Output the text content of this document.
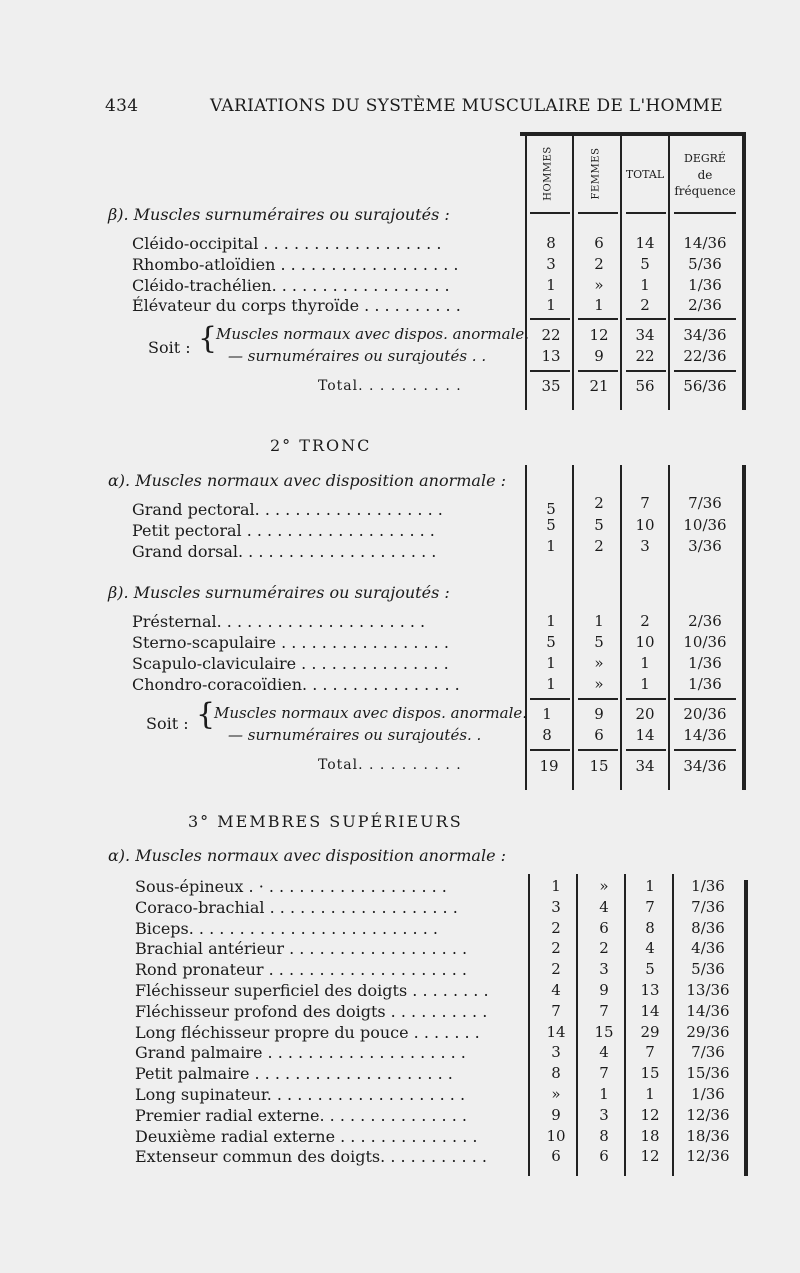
434	VARIATIONS DU SYSTÈME MUSCULAIRE DE L'HOMME
HOMMES	FEMMES	TOTAL
DEGRÉ
de
fréquence
β). Muscles surnuméraires ou surajoutés :
Cléido-occipital . . . . . . . . . . . . . . . . . .	8	6	14	14/36
Rhombo-atloïdien . . . . . . . . . . . . . . . . . .	3	2	5	5/36
Cléido-trachélien. . . . . . . . . . . . . . . . . .	1	»	1	1/36
Élévateur du corps thyroïde . . . . . . . . . .	1	1	2	2/36
Soit : {
Muscles normaux avec dispos. anormale. 22	12	34	34/36
— surnuméraires ou surajoutés . .	13	9	22	22/36
Total. . . . . . . . . .	35	21	56	56/36
2° TRONC
α). Muscles normaux avec disposition anormale :
Grand pectoral. . . . . . . . . . . . . . . . . . .	5	2	7	7/36
Petit pectoral . . . . . . . . . . . . . . . . . . .	5	5	10	10/36
Grand dorsal. . . . . . . . . . . . . . . . . . . .	1	2	3	3/36
β). Muscles surnuméraires ou surajoutés :
Présternal. . . . . . . . . . . . . . . . . . . . .	1	1	2	2/36
Sterno-scapulaire . . . . . . . . . . . . . . . . .	5	5	10	10/36
Scapulo-claviculaire . . . . . . . . . . . . . . .	1	»	1	1/36
Chondro-coracoïdien. . . . . . . . . . . . . . . .	1	»	1	1/36
Soit : {
Muscles normaux avec dispos. anormale.	1	9	20	20/36
— surnuméraires ou surajoutés. .	8	6	14	14/36
Total. . . . . . . . . .	19	15	34	34/36
3° MEMBRES SUPÉRIEURS
α). Muscles normaux avec disposition anormale :
Sous-épineux . · . . . . . . . . . . . . . . . . . .	1	»	1	1/36
Coraco-brachial . . . . . . . . . . . . . . . . . . .	3	4	7	7/36
Biceps. . . . . . . . . . . . . . . . . . . . . . . . .	2	6	8	8/36
Brachial antérieur . . . . . . . . . . . . . . . . . .	2	2	4	4/36
Rond pronateur . . . . . . . . . . . . . . . . . . . .	2	3	5	5/36
Fléchisseur superficiel des doigts . . . . . . . .	4	9	13	13/36
Fléchisseur profond des doigts . . . . . . . . . .	7	7	14	14/36
Long fléchisseur propre du pouce . . . . . . .	14	15	29	29/36
Grand palmaire . . . . . . . . . . . . . . . . . . . .	3	4	7	7/36
Petit palmaire . . . . . . . . . . . . . . . . . . . .	8	7	15	15/36
Long supinateur. . . . . . . . . . . . . . . . . . . .	»	1	1	1/36
Premier radial externe. . . . . . . . . . . . . . .	9	3	12	12/36
Deuxième radial externe . . . . . . . . . . . . . .	10	8	18	18/36
Extenseur commun des doigts. . . . . . . . . . .	6	6	12	12/36
